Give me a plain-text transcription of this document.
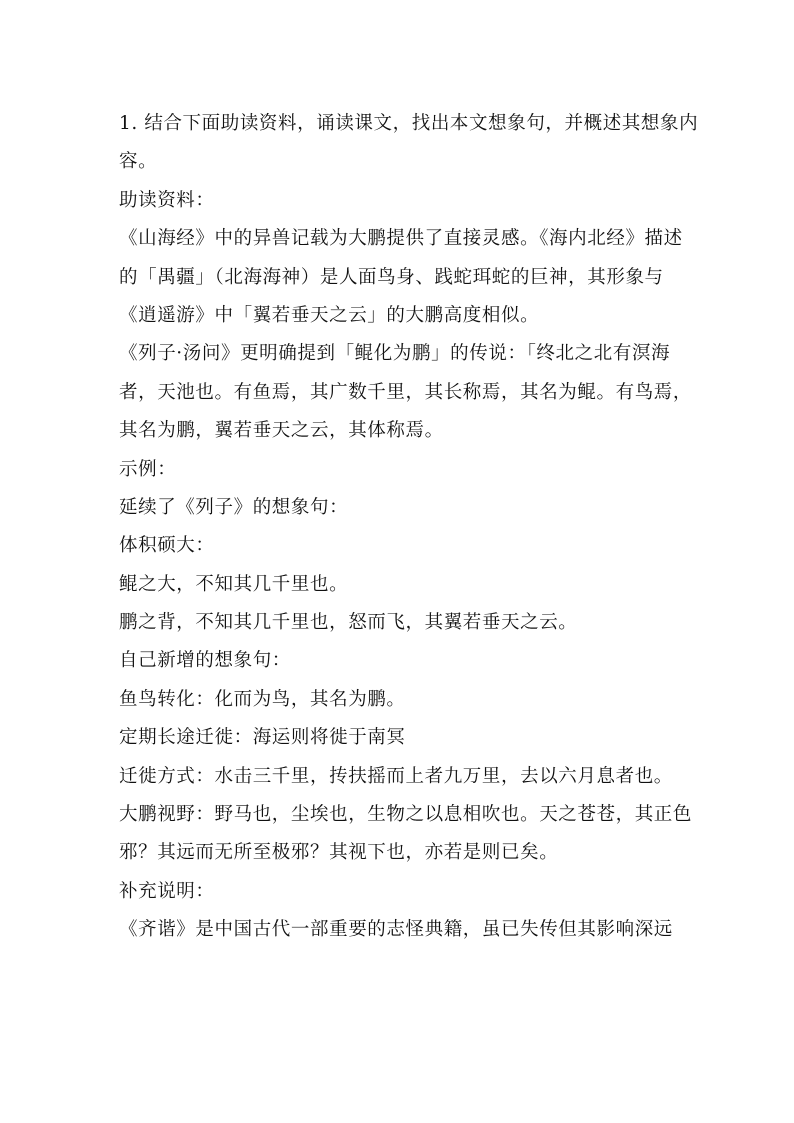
1. 结合下面助读资料，诵读课文，找出本文想象句，并概述其想象内
容。
助读资料：
《山海经》中的异兽记载为大鹏提供了直接灵感。《海内北经》描述
的「禺疆」（北海海神）是人面鸟身、践蛇珥蛇的巨神，其形象与
《逍遥游》中「翼若垂天之云」的大鹏高度相似。
《列子·汤问》更明确提到「鲲化为鹏」的传说：「终北之北有溟海
者，天池也。有鱼焉，其广数千里，其长称焉，其名为鲲。有鸟焉，
其名为鹏，翼若垂天之云，其体称焉。
示例：
延续了《列子》的想象句：
体积硕大：
鲲之大，不知其几千里也。
鹏之背，不知其几千里也，怒而飞，其翼若垂天之云。
自己新增的想象句：
鱼鸟转化：化而为鸟，其名为鹏。
定期长途迁徙：海运则将徙于南冥
迁徙方式：水击三千里，抟扶摇而上者九万里，去以六月息者也。
大鹏视野：野马也，尘埃也，生物之以息相吹也。天之苍苍，其正色
邪？其远而无所至极邪？其视下也，亦若是则已矣。
补充说明：
《齐谐》是中国古代一部重要的志怪典籍，虽已失传但其影响深远
